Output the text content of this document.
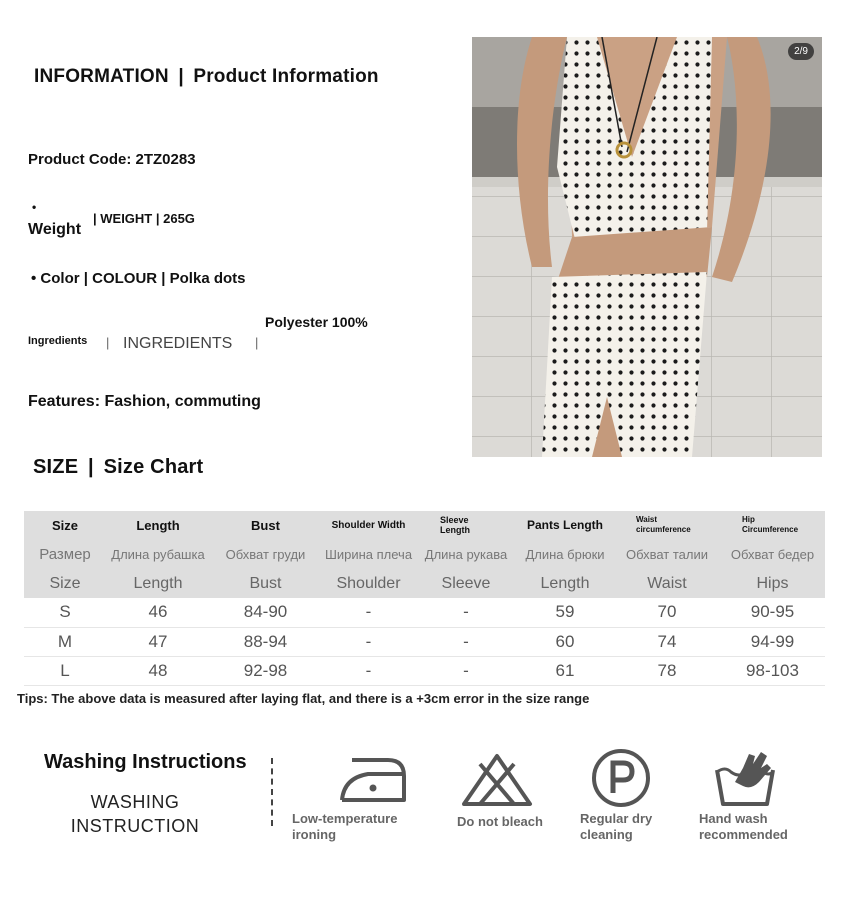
INFORMATION | Product Information
Product Code: 2TZ0283
•
Weight
| WEIGHT | 265G
• Color | COLOUR | Polka dots
Ingredients | INGREDIENTS |
Polyester 100%
Features: Fashion, commuting
2/9
SIZE | Size Chart
Size	Length	Bust	Shoulder Width	Sleeve Length	Pants Length	Waist circumference	Hip Circumference

Размер	Длина рубашка	Обхват груди	Ширина плеча	Длина рукава	Длина брюки	Обхват талии	Обхват бедер
Size	Length	Bust	Shoulder	Sleeve	Length	Waist	Hips
S	46	84-90	-	-	59	70	90-95
M	47	88-94	-	-	60	74	94-99
L	48	92-98	-	-	61	78	98-103
Tips: The above data is measured after laying flat, and there is a +3cm error in the size range
Washing Instructions
WASHING
INSTRUCTION	Low-temperature
ironing
Do not bleach	Regular dry
cleaning
Hand wash
recommended
